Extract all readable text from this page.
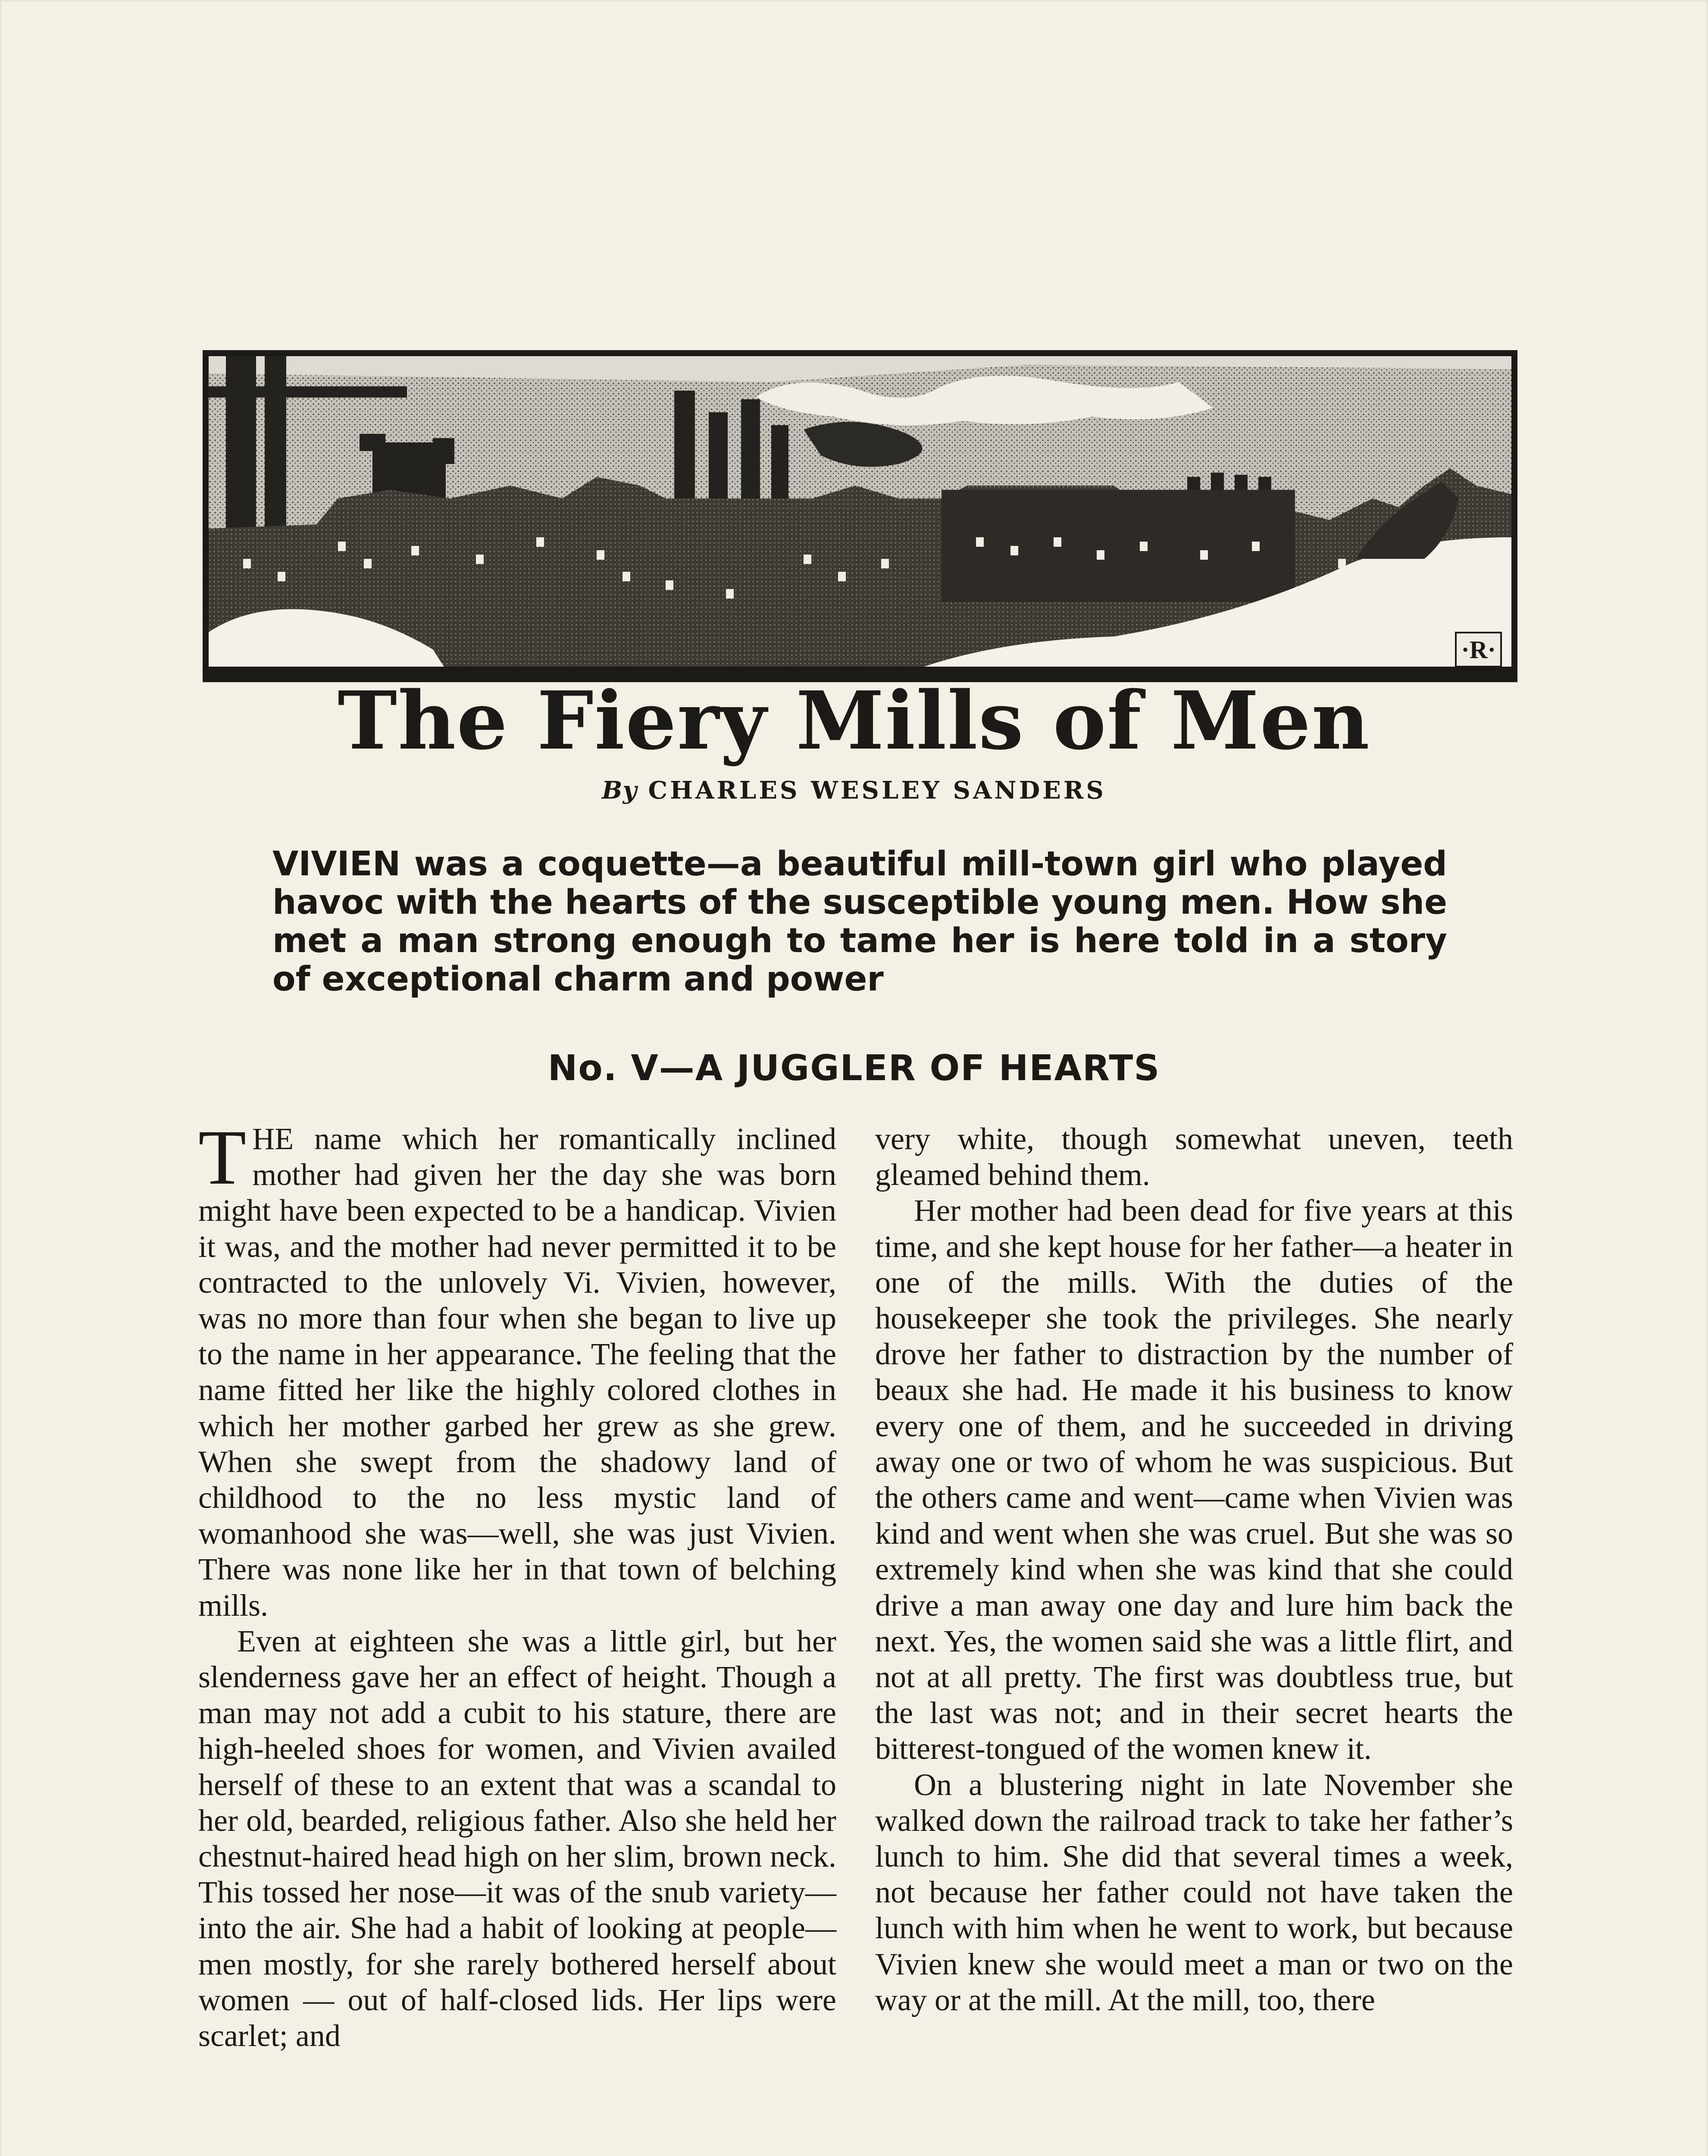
·R·
The Fiery Mills of Men
By CHARLES WESLEY SANDERS

VIVIEN was a coquette—a beautiful mill-town girl who played havoc with the hearts of the susceptible young men. How she met a man strong enough to tame her is here told in a story of exceptional charm and power

No. V—A JUGGLER OF HEARTS

THE name which her romantically inclined mother had given her the day she was born might have been expected to be a handicap. Vivien it was, and the mother had never permitted it to be contracted to the unlovely Vi. Vivien, however, was no more than four when she began to live up to the name in her appearance. The feeling that the name fitted her like the highly colored clothes in which her mother garbed her grew as she grew. When she swept from the shadowy land of childhood to the no less mystic land of womanhood she was—well, she was just Vivien. There was none like her in that town of belching mills.

Even at eighteen she was a little girl, but her slenderness gave her an effect of height. Though a man may not add a cubit to his stature, there are high-heeled shoes for women, and Vivien availed herself of these to an extent that was a scandal to her old, bearded, religious father. Also she held her chestnut-haired head high on her slim, brown neck. This tossed her nose—it was of the snub variety—into the air. She had a habit of looking at people—men mostly, for she rarely bothered herself about women — out of half-closed lids. Her lips were scarlet; and

very white, though somewhat uneven, teeth gleamed behind them.

Her mother had been dead for five years at this time, and she kept house for her father—a heater in one of the mills. With the duties of the housekeeper she took the privileges. She nearly drove her father to distraction by the number of beaux she had. He made it his business to know every one of them, and he succeeded in driving away one or two of whom he was suspicious. But the others came and went—came when Vivien was kind and went when she was cruel. But she was so extremely kind when she was kind that she could drive a man away one day and lure him back the next. Yes, the women said she was a little flirt, and not at all pretty. The first was doubtless true, but the last was not; and in their secret hearts the bitterest-tongued of the women knew it.

On a blustering night in late November she walked down the railroad track to take her father’s lunch to him. She did that several times a week, not because her father could not have taken the lunch with him when he went to work, but because Vivien knew she would meet a man or two on the way or at the mill. At the mill, too, there
